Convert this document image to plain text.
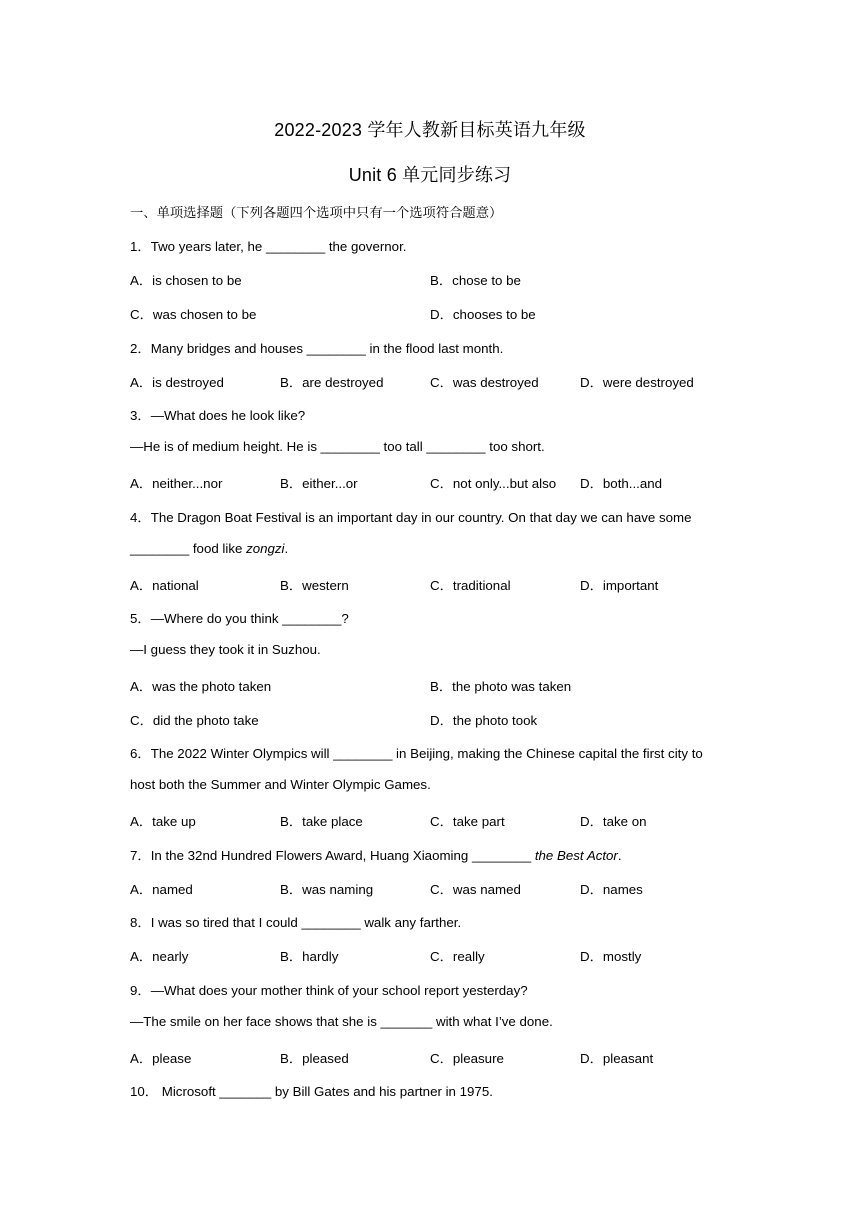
2022-2023 学年人教新目标英语九年级
Unit 6 单元同步练习
一、单项选择题（下列各题四个选项中只有一个选项符合题意）
1．Two years later, he ________ the governor.
A．is chosen to be	B．chose to be
C．was chosen to be	D．chooses to be
2．Many bridges and houses ________ in the flood last month.
A．is destroyed	B．are destroyed	C．was destroyed	D．were destroyed
3．—What does he look like?
—He is of medium height. He is ________ too tall ________ too short.
A．neither...nor	B．either...or	C．not only...but also D．both...and
4．The Dragon Boat Festival is an important day in our country. On that day we can have some
________ food like zongzi.
A．national	B．western	C．traditional	D．important
5．—Where do you think ________?
—I guess they took it in Suzhou.
A．was the photo taken	B．the photo was taken
C．did the photo take	D．the photo took
6．The 2022 Winter Olympics will ________ in Beijing, making the Chinese capital the first city to
host both the Summer and Winter Olympic Games.
A．take up	B．take place	C．take part	D．take on
7．In the 32nd Hundred Flowers Award, Huang Xiaoming ________ the Best Actor.
A．named	B．was naming	C．was named	D．names
8．I was so tired that I could ________ walk any farther.
A．nearly	B．hardly	C．really	D．mostly
9．—What does your mother think of your school report yesterday?
—The smile on her face shows that she is _______ with what I’ve done.
A．please	B．pleased	C．pleasure	D．pleasant
10． Microsoft _______ by Bill Gates and his partner in 1975.
